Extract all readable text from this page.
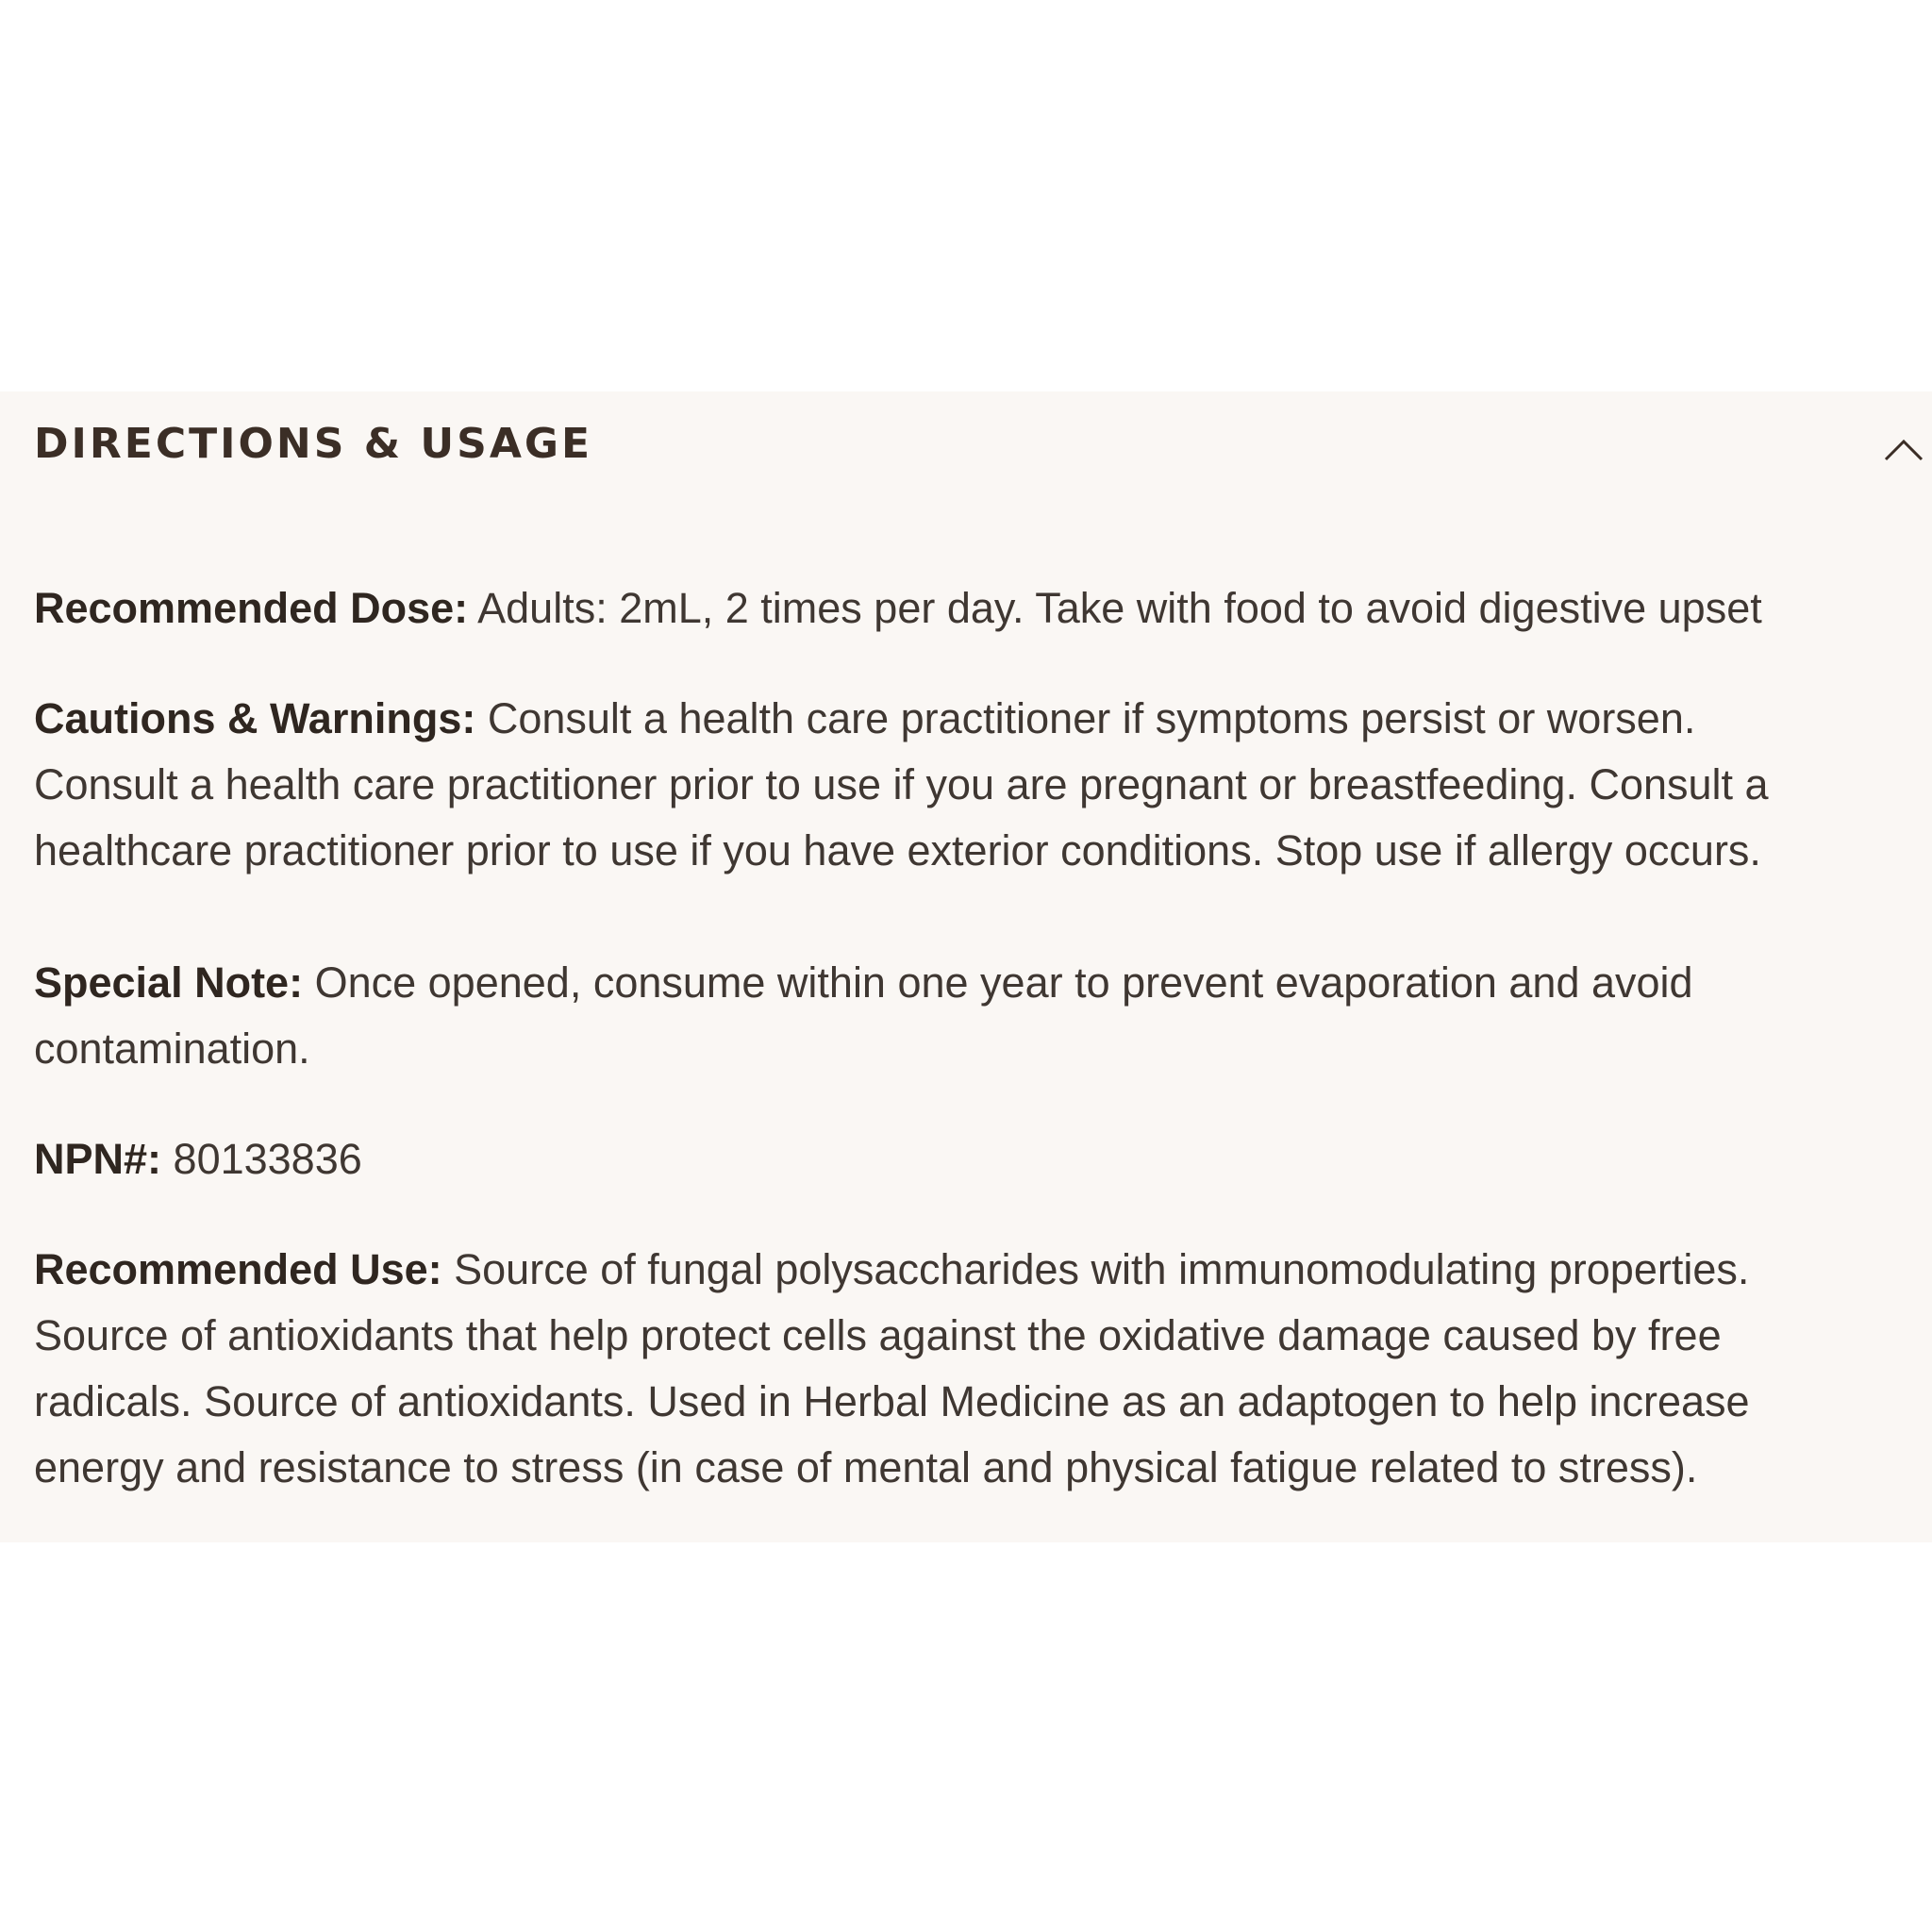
DIRECTIONS & USAGE

Recommended Dose: Adults: 2mL, 2 times per day. Take with food to avoid digestive upset

Cautions & Warnings: Consult a health care practitioner if symptoms persist or worsen.

Consult a health care practitioner prior to use if you are pregnant or breastfeeding. Consult a

healthcare practitioner prior to use if you have exterior conditions. Stop use if allergy occurs.

Special Note: Once opened, consume within one year to prevent evaporation and avoid

contamination.

NPN#: 80133836

Recommended Use: Source of fungal polysaccharides with immunomodulating properties.

Source of antioxidants that help protect cells against the oxidative damage caused by free

radicals. Source of antioxidants. Used in Herbal Medicine as an adaptogen to help increase

energy and resistance to stress (in case of mental and physical fatigue related to stress).
